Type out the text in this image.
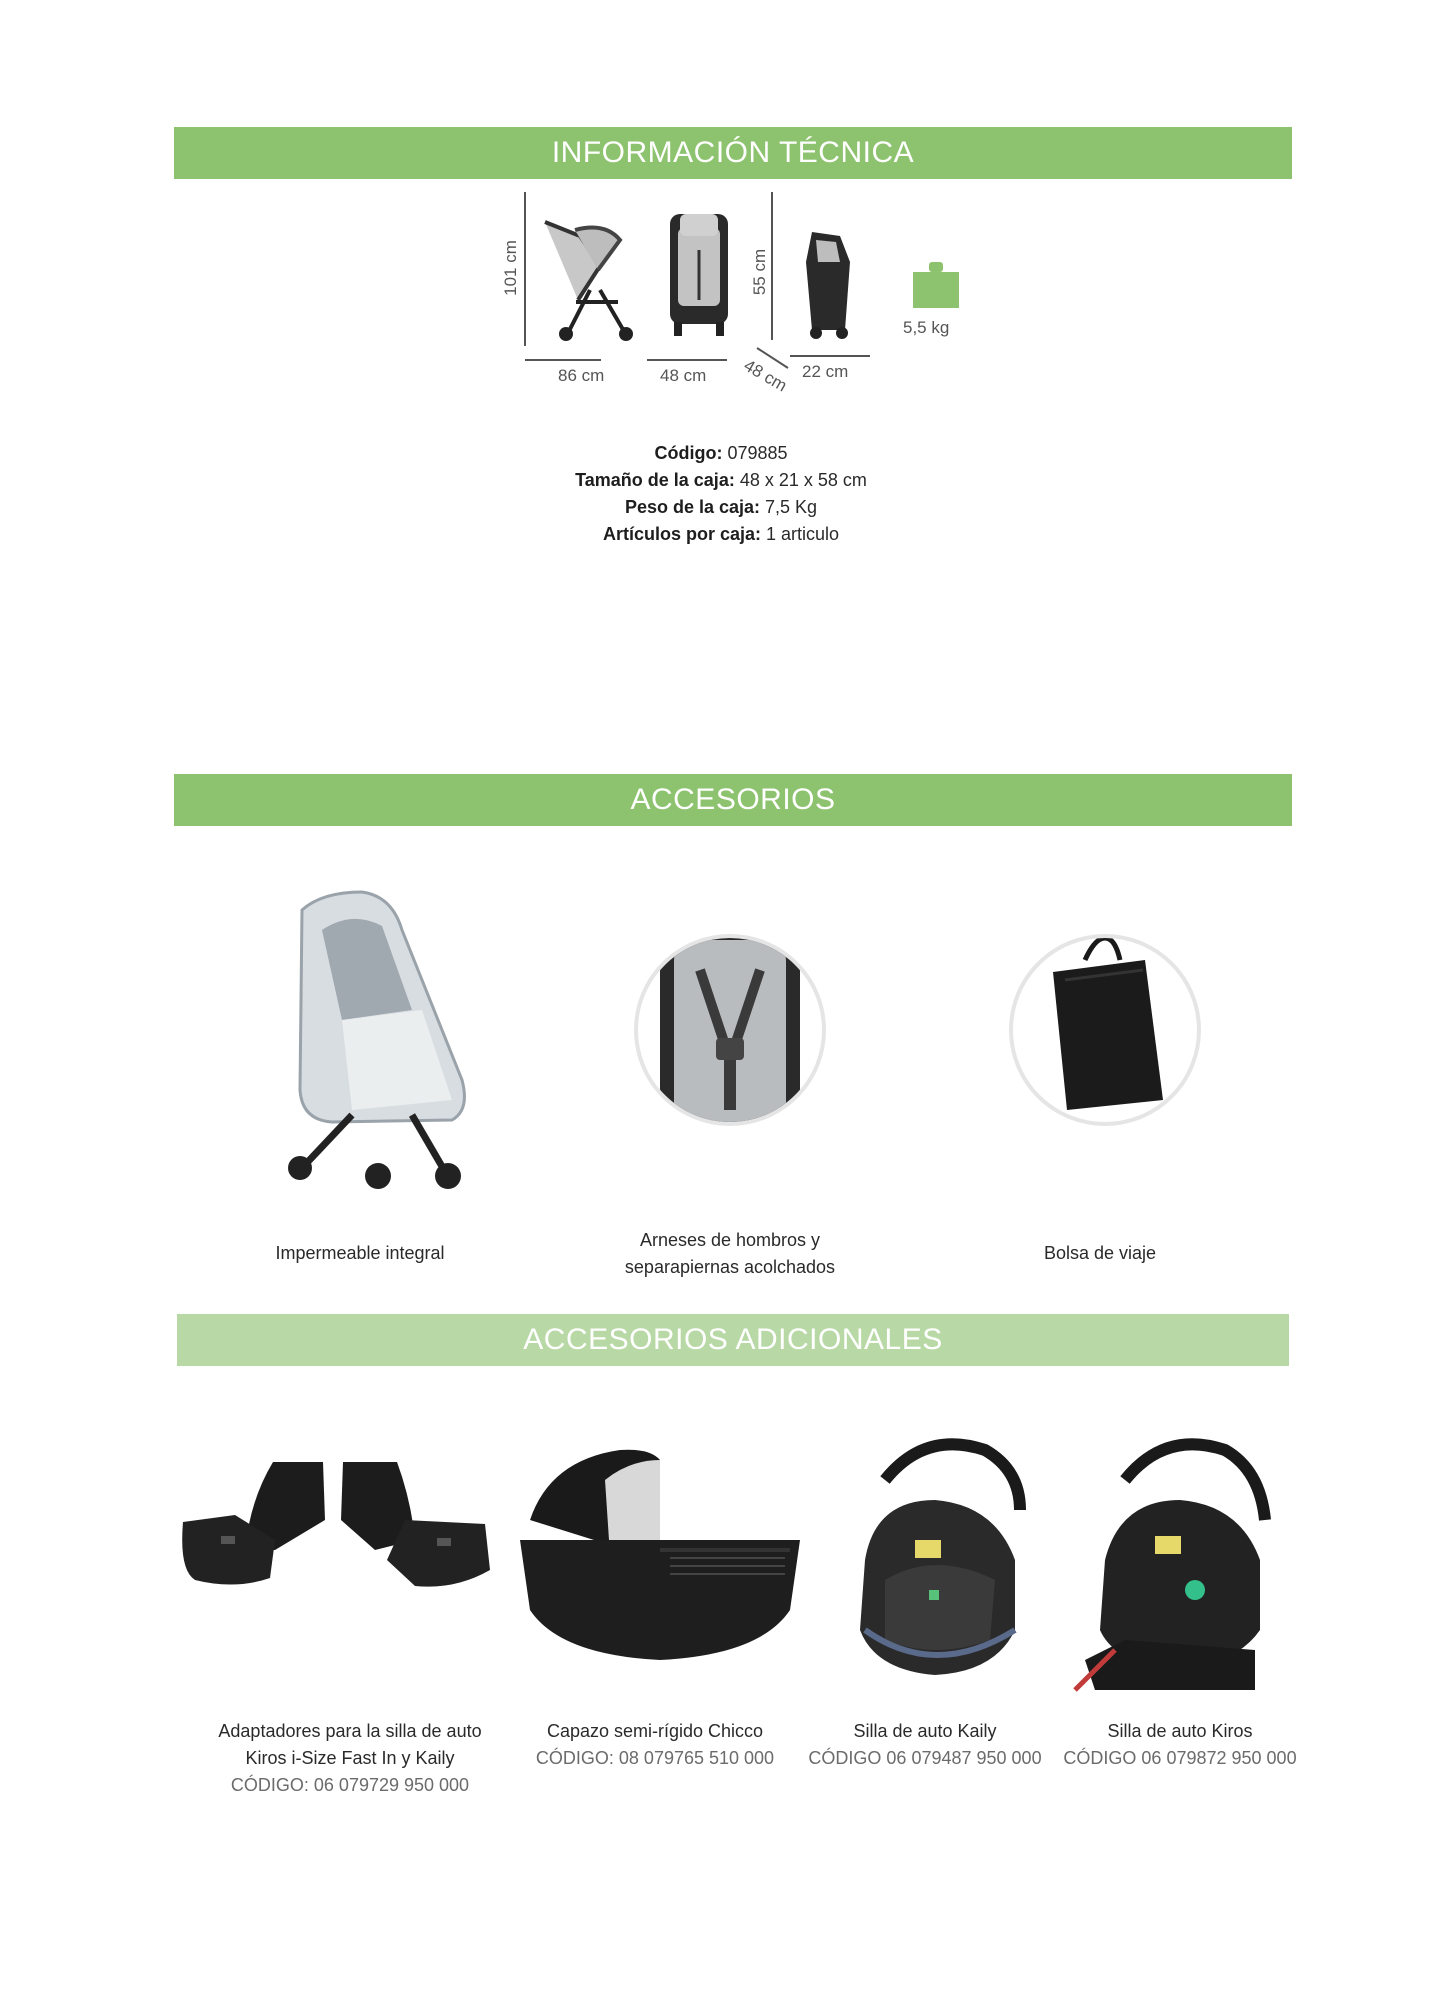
INFORMACIÓN TÉCNICA
ACCESORIOS
ACCESORIOS ADICIONALES
101 cm
86 cm	48 cm
55 cm
48 cm 22 cm
5,5 kg
Código: 079885
Tamaño de la caja: 48 x 21 x 58 cm
Peso de la caja: 7,5 Kg
Artículos por caja: 1 articulo
Impermeable integral
Arneses de hombros y
separapiernas acolchados
Bolsa de viaje
Adaptadores para la silla de auto
Kiros i-Size Fast In y Kaily
CÓDIGO: 06 079729 950 000
Capazo semi-rígido Chicco
CÓDIGO: 08 079765 510 000
Silla de auto Kaily
CÓDIGO 06 079487 950 000
Silla de auto Kiros
CÓDIGO 06 079872 950 000
